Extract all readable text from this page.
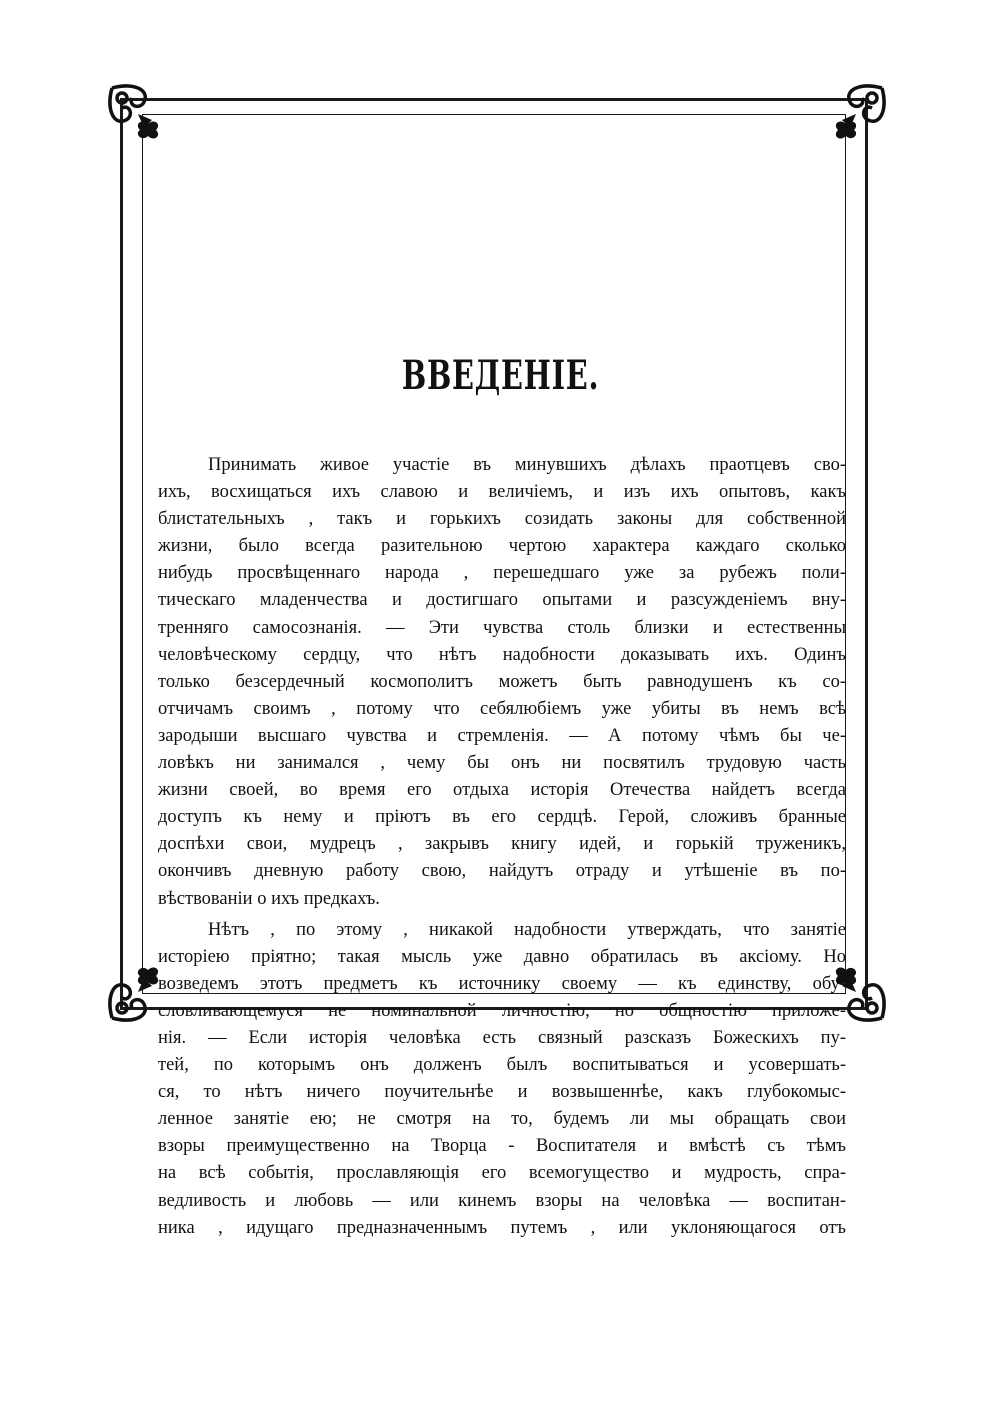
ВВЕДЕНIЕ.
Принимать живое участiе въ минувшихъ дѣлахъ праотцевъ сво-
ихъ, восхищаться ихъ славою и величiемъ, и изъ ихъ опытовъ, какъ
блистательныхъ , такъ и горькихъ созидать законы для собственной
жизни, было всегда разительною чертою характера каждаго сколько
нибудь просвѣщеннаго народа , перешедшаго уже за рубежъ поли-
тическаго младенчества и достигшаго опытами и разсужденiемъ вну-
тренняго самосознанiя. — Эти чувства столь близки и естественны
человѣческому сердцу, что нѣтъ надобности доказывать ихъ. Одинъ
только безсердечный космополитъ можетъ быть равнодушенъ къ со-
отчичамъ своимъ , потому что себялюбiемъ уже убиты въ немъ всѣ
зародыши высшаго чувства и стремленiя. — А потому чѣмъ бы че-
ловѣкъ ни занимался , чему бы онъ ни посвятилъ трудовую часть
жизни своей, во время его отдыха исторiя Отечества найдетъ всегда
доступъ къ нему и прiютъ въ его сердцѣ. Герой, сложивъ бранные
доспѣхи свои, мудрецъ , закрывъ книгу идей, и горькiй труженикъ,
окончивъ дневную работу свою, найдутъ отраду и утѣшенiе въ по-
вѣствованiи о ихъ предкахъ.
Нѣтъ , по этому , никакой надобности утверждать, что занятiе
исторiею прiятно; такая мысль уже давно обратилась въ аксiому. Но
возведемъ этотъ предметъ къ источнику своему — къ единству, обу-
словливающемуся не номинальной личностiю, но общностiю приложе-
нiя. — Если исторiя человѣка есть связный разсказъ Божескихъ пу-
тей, по которымъ онъ долженъ былъ воспитываться и усовершать-
ся, то нѣтъ ничего поучительнѣе и возвышеннѣе, какъ глубокомыс-
ленное занятiе ею; не смотря на то, будемъ ли мы обращать свои
взоры преимущественно на Творца - Воспитателя и вмѣстѣ съ тѣмъ
на всѣ событiя, прославляющiя его всемогущество и мудрость, спра-
ведливость и любовь — или кинемъ взоры на человѣка — воспитан-
ника , идущаго предназначеннымъ путемъ , или уклоняющагося отъ
